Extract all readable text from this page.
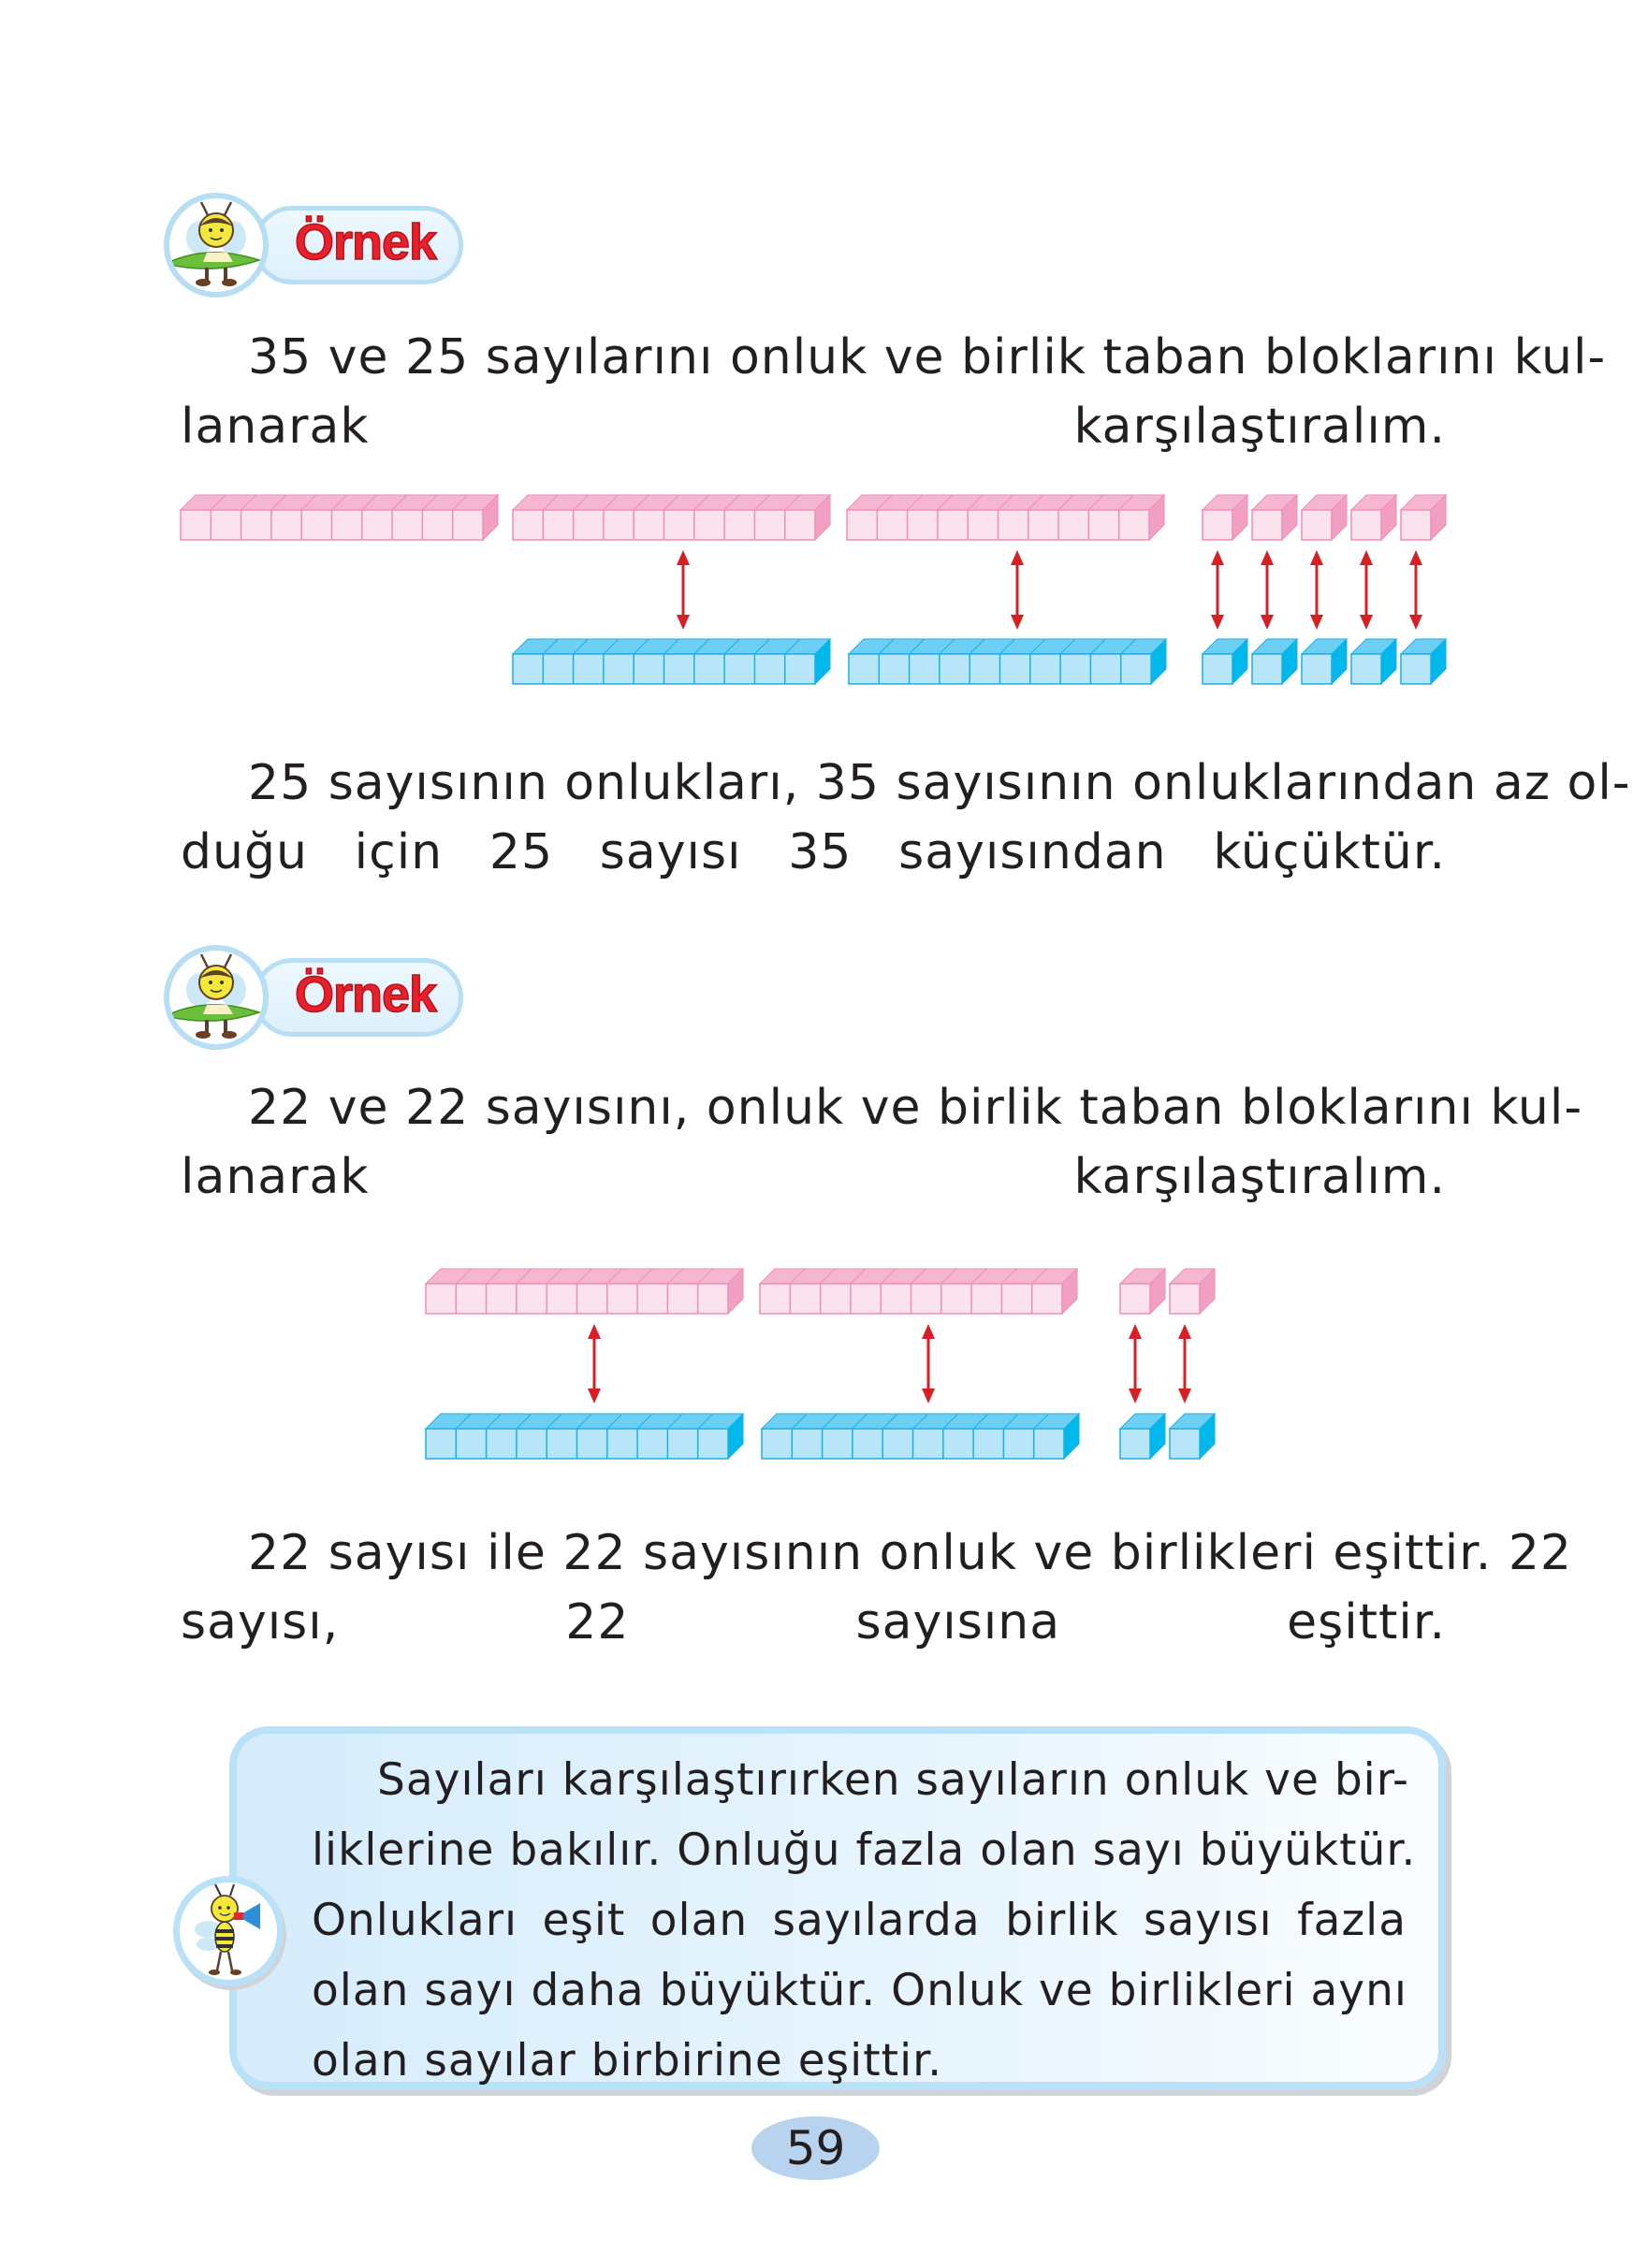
Örnek
35 ve 25 sayılarını onluk ve birlik taban bloklarını kul-
lanarak karşılaştıralım.
25 sayısının onlukları, 35 sayısının onluklarından az ol-
duğu için 25 sayısı 35 sayısından küçüktür.
Örnek
22 ve 22 sayısını, onluk ve birlik taban bloklarını kul-
lanarak karşılaştıralım.
22 sayısı ile 22 sayısının onluk ve birlikleri eşittir. 22
sayısı, 22 sayısına eşittir.
Sayıları karşılaştırırken sayıların onluk ve bir-
liklerine bakılır. Onluğu fazla olan sayı büyüktür.
Onlukları eşit olan sayılarda birlik sayısı fazla
olan sayı daha büyüktür. Onluk ve birlikleri aynı
olan sayılar birbirine eşittir.
59
